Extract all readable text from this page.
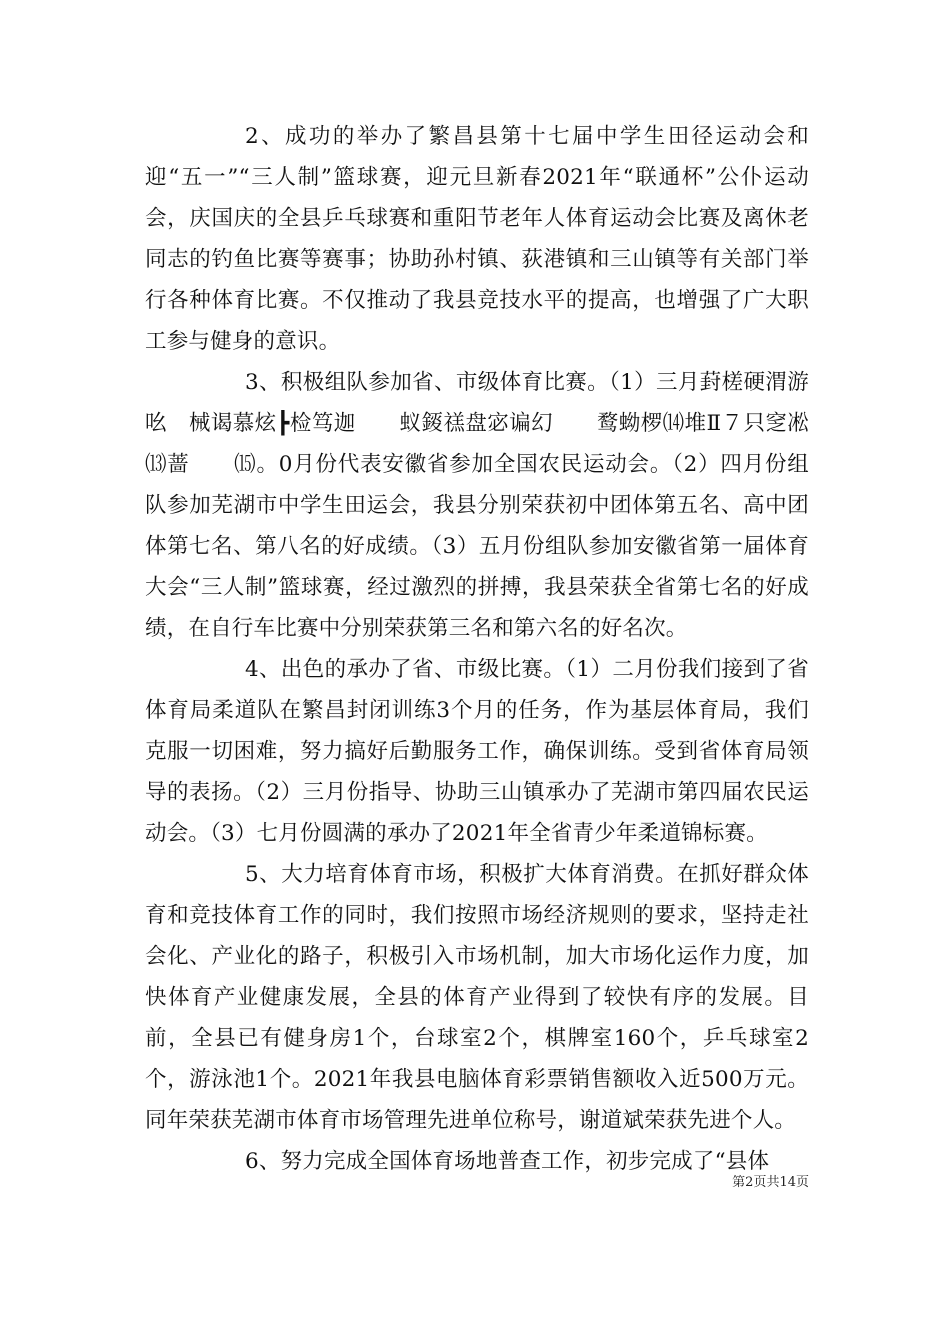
2、成功的举办了繁昌县第十七届中学生田径运动会和迎“五一”“三人制”篮球赛，迎元旦新春2021年“联通杯”公仆运动会，庆国庆的全县乒乓球赛和重阳节老年人体育运动会比赛及离休老同志的钓鱼比赛等赛事；协助孙村镇、荻港镇和三山镇等有关部门举行各种体育比赛。不仅推动了我县竞技水平的提高，也增强了广大职工参与健身的意识。

3、积极组队参加省、市级体育比赛。（1）三月葑槎硬渭游吆　械谒慕炫┣检笃迦　　蚁錽禚盘宓谝幻　　鹜蚴椤⒁堆Ⅱ７只窆凇⒀蔷　　⒂。0月份代表安徽省参加全国农民运动会。（2）四月份组队参加芜湖市中学生田运会，我县分别荣获初中团体第五名、高中团体第七名、第八名的好成绩。（3）五月份组队参加安徽省第一届体育大会“三人制”篮球赛，经过激烈的拼搏，我县荣获全省第七名的好成绩，在自行车比赛中分别荣获第三名和第六名的好名次。

4、出色的承办了省、市级比赛。（1）二月份我们接到了省体育局柔道队在繁昌封闭训练3个月的任务，作为基层体育局，我们克服一切困难，努力搞好后勤服务工作，确保训练。受到省体育局领导的表扬。（2）三月份指导、协助三山镇承办了芜湖市第四届农民运动会。（3）七月份圆满的承办了2021年全省青少年柔道锦标赛。

5、大力培育体育市场，积极扩大体育消费。在抓好群众体育和竞技体育工作的同时，我们按照市场经济规则的要求，坚持走社会化、产业化的路子，积极引入市场机制，加大市场化运作力度，加快体育产业健康发展，全县的体育产业得到了较快有序的发展。目前，全县已有健身房1个，台球室2个，棋牌室160个，乒乓球室2个，游泳池1个。2021年我县电脑体育彩票销售额收入近500万元。同年荣获芜湖市体育市场管理先进单位称号，谢道斌荣获先进个人。

6、努力完成全国体育场地普查工作，初步完成了“县体

第2页共14页
